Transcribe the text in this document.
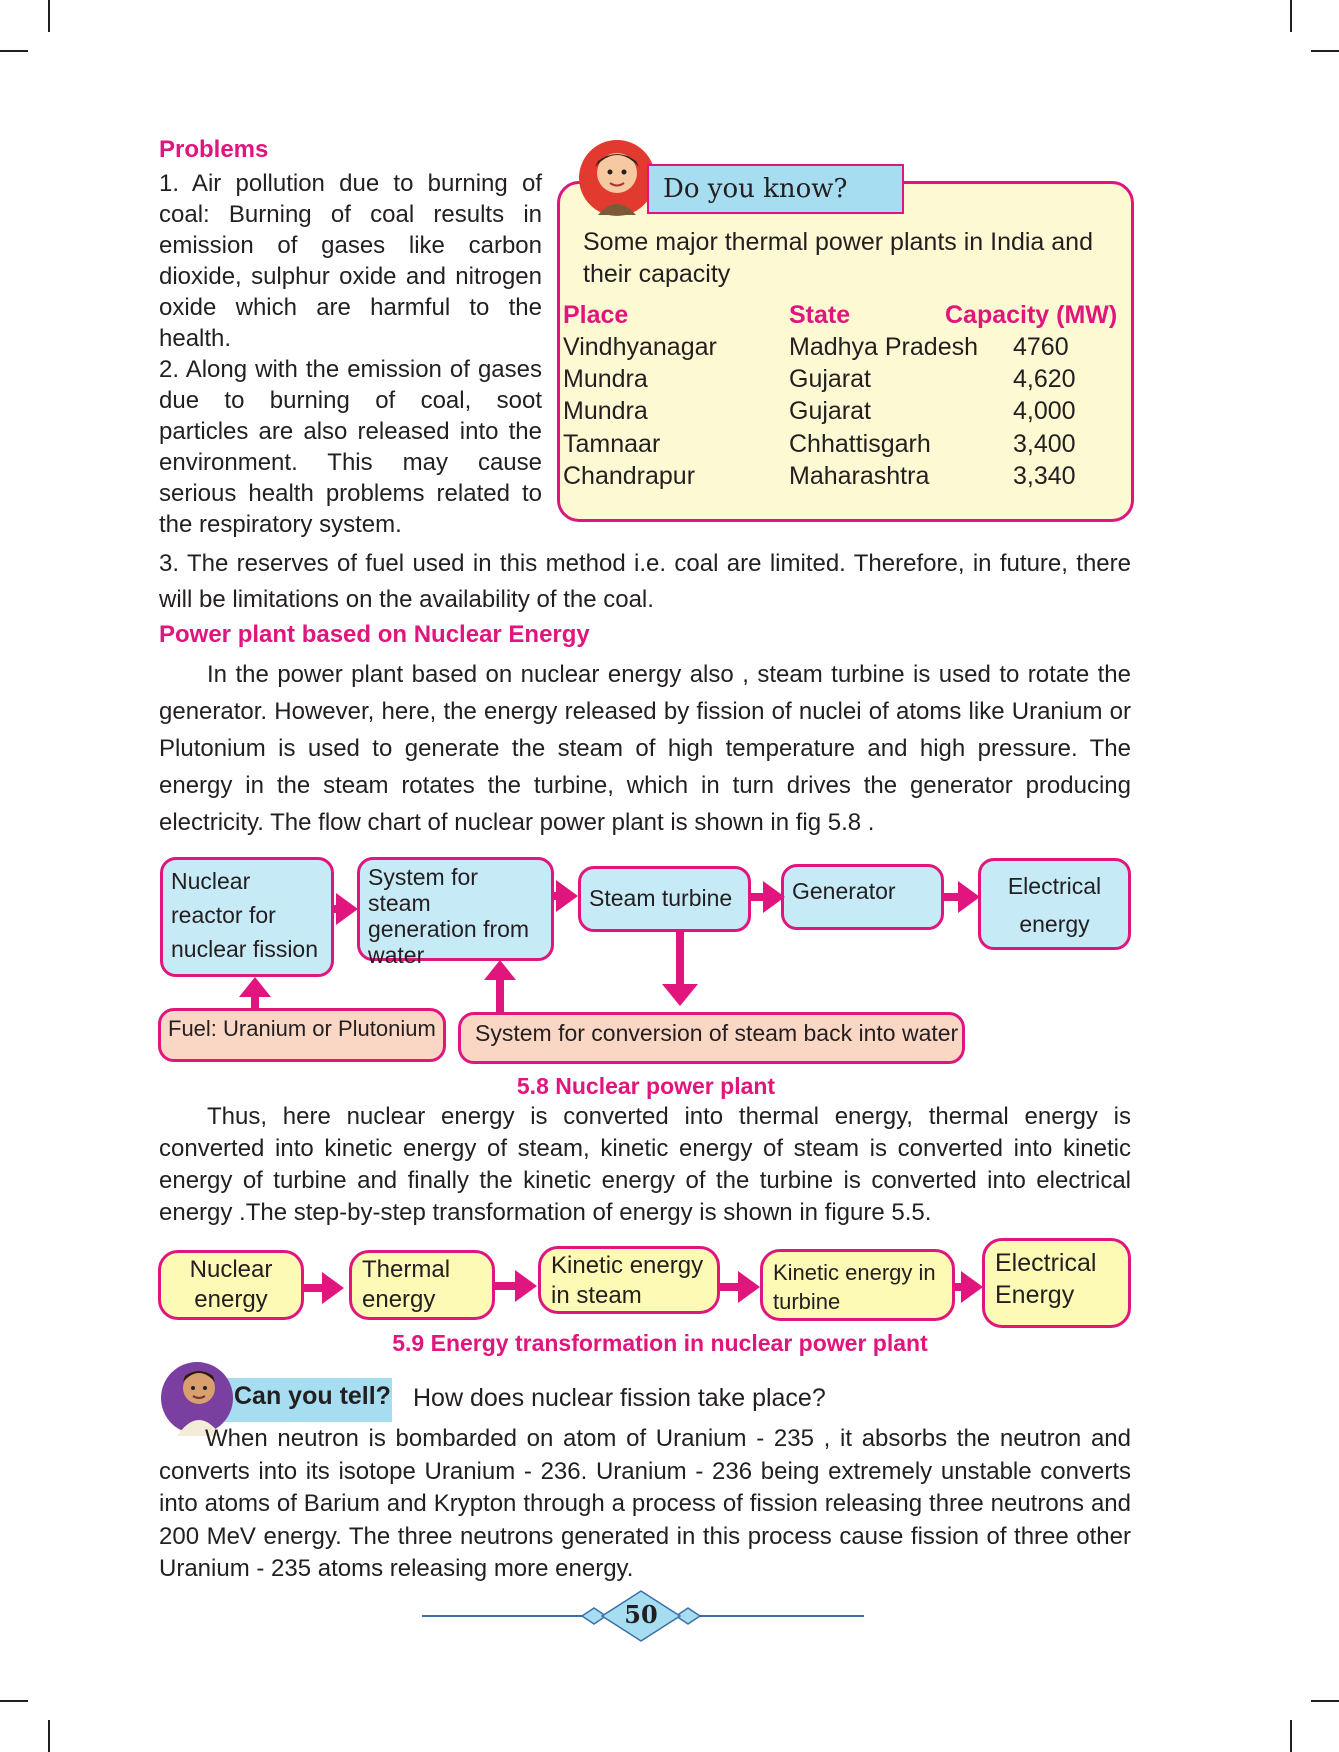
Problems
1. Air pollution due to burning of coal: Burning of coal results in emission of gases like carbon dioxide, sulphur oxide and nitrogen oxide which are harmful to the health.
2. Along with the emission of gases due to burning of coal, soot particles are also released into the environment. This may cause serious health problems related to the respiratory system.
Do you know?
Some major thermal power plants in India and their capacity
Place	State	Capacity (MW)
Vindhyanagar	Madhya Pradesh 4760
Mundra	Gujarat	4,620
Mundra	Gujarat	4,000
Tamnaar	Chhattisgarh	3,400
Chandrapur	Maharashtra	3,340
3. The reserves of fuel used in this method i.e. coal are limited. Therefore, in future, there will be limitations on the availability of the coal.
Power plant based on Nuclear Energy
In the power plant based on nuclear energy also , steam turbine is used to rotate the generator. However, here, the energy released by fission of nuclei of atoms like Uranium or Plutonium is used to generate the steam of high temperature and high pressure. The energy in the steam rotates the turbine, which in turn drives the generator producing electricity. The flow chart of nuclear power plant is shown in fig 5.8 .
Nuclear reactor for nuclear fission
System for steam generation from water
Steam turbine	Generator	Electrical energy
Fuel: Uranium or Plutonium	System for conversion of steam back into water
5.8 Nuclear power plant
Thus, here nuclear energy is converted into thermal energy, thermal energy is converted into kinetic energy of steam, kinetic energy of steam is converted into kinetic energy of turbine and finally the kinetic energy of the turbine is converted into electrical energy .The step-by-step transformation of energy is shown in figure 5.5.
Nuclear energy
Thermal energy
Kinetic energy in steam
Kinetic energy in turbine
Electrical Energy
5.9 Energy transformation in nuclear power plant
Can you tell? How does nuclear fission take place?
When neutron is bombarded on atom of Uranium - 235 , it absorbs the neutron and converts into its isotope Uranium - 236. Uranium - 236 being extremely unstable converts into atoms of Barium and Krypton through a process of fission releasing three neutrons and 200 MeV energy. The three neutrons generated in this process cause fission of three other Uranium - 235 atoms releasing more energy.
50
